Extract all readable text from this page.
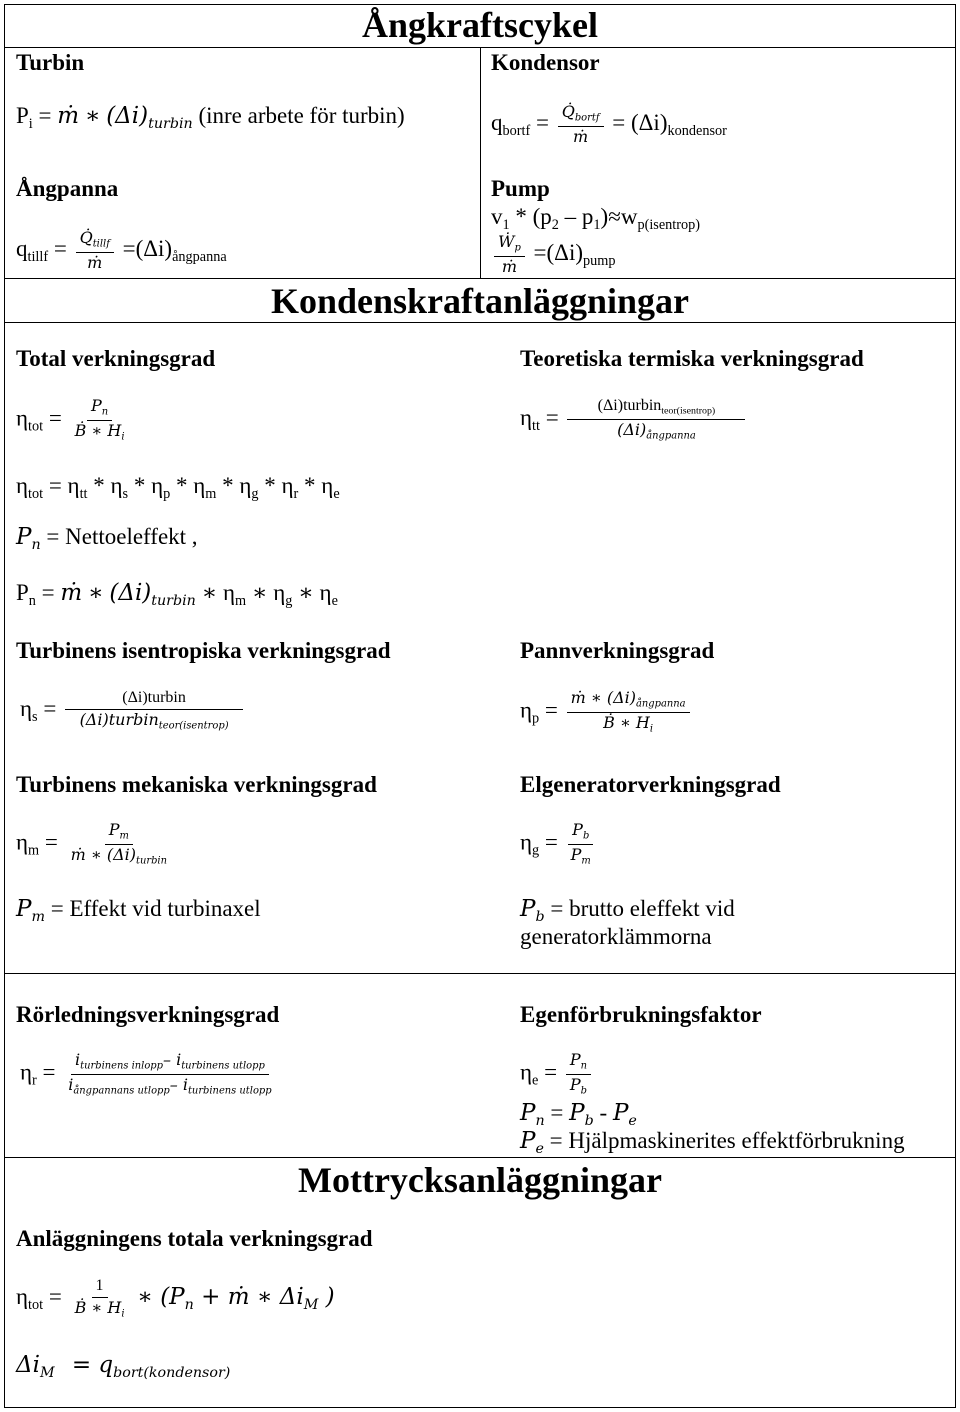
Ångkraftscykel
Turbin
$P_i$ = ṁ ∗ $(\Delta i)_{turbin}$ (inre arbete för turbin)
Kondensor
$q_{bortf} = \frac{Q̇_{bortf}}{\text{ṁ}} = (\Delta i)_{kondensor}$
Ångpanna
$q_{tillf} = \frac{Q̇_{tillf}}{\text{ṁ}} =(\Delta i)_{ångpanna}$
Pump
$v_1 * (p_2 - p_1)\approx w_{p(isentrop)}$
$\frac{Ẇ_p}{\text{ṁ}} =(\Delta i)_{pump}$
Kondenskraftanläggningar
Total verkningsgrad
$\eta_{tot} = \frac{P_n}{Ḃ ∗ H_i}$
$\eta_{tot} = \eta_{tt} * \eta_s * \eta_p * \eta_m * \eta_g * \eta_r * \eta_e$
$P_n$ = Nettoeleffekt ,
$P_n$ = ṁ ∗ $(\Delta i)_{turbin}$ ∗ $\eta_m$ ∗ $\eta_g$ ∗ $\eta_e$
Teoretiska termiska verkningsgrad
$\eta_{tt} = \frac{(\Delta i)turbin_{teor(isentrop)}}{(\Delta i)_{ångpanna}}$
Turbinens isentropiska verkningsgrad
$\eta_s = \frac{\text{(Δi)turbin}}{(\Delta i)turbin_{teor(isentrop)}}$
Pannverkningsgrad
$\eta_p = \frac{ṁ ∗ (\Delta i)_{ångpanna}}{Ḃ ∗ H_i}$
Turbinens mekaniska verkningsgrad
$\eta_m = \frac{P_m}{ṁ ∗ (\Delta i)_{turbin}}$
$P_m$ = Effekt vid turbinaxel
Elgeneratorverkningsgrad
$\eta_g = \frac{P_b}{P_m}$
$P_b$ = brutto eleffekt vid
generatorklämmorna
Rörledningsverkningsgrad
$\eta_r = \frac{i_{turbinens inlopp}- i_{turbinens utlopp}}{i_{ångpannans utlopp}- i_{turbinens utlopp}}$
Egenförbrukningsfaktor
$\eta_e = \frac{P_n}{P_b}$
$P_n = P_b - P_e$
$P_e$ = Hjälpmaskinerites effektförbrukning
Mottrycksanläggningar
Anläggningens totala verkningsgrad
$\eta_{tot} = \frac{1}{Ḃ ∗ H_i}$ ∗ ($P_n$ + ṁ ∗ $\Delta i_M$ )
$\Delta i_M = q_{bort(kondensor)}$
